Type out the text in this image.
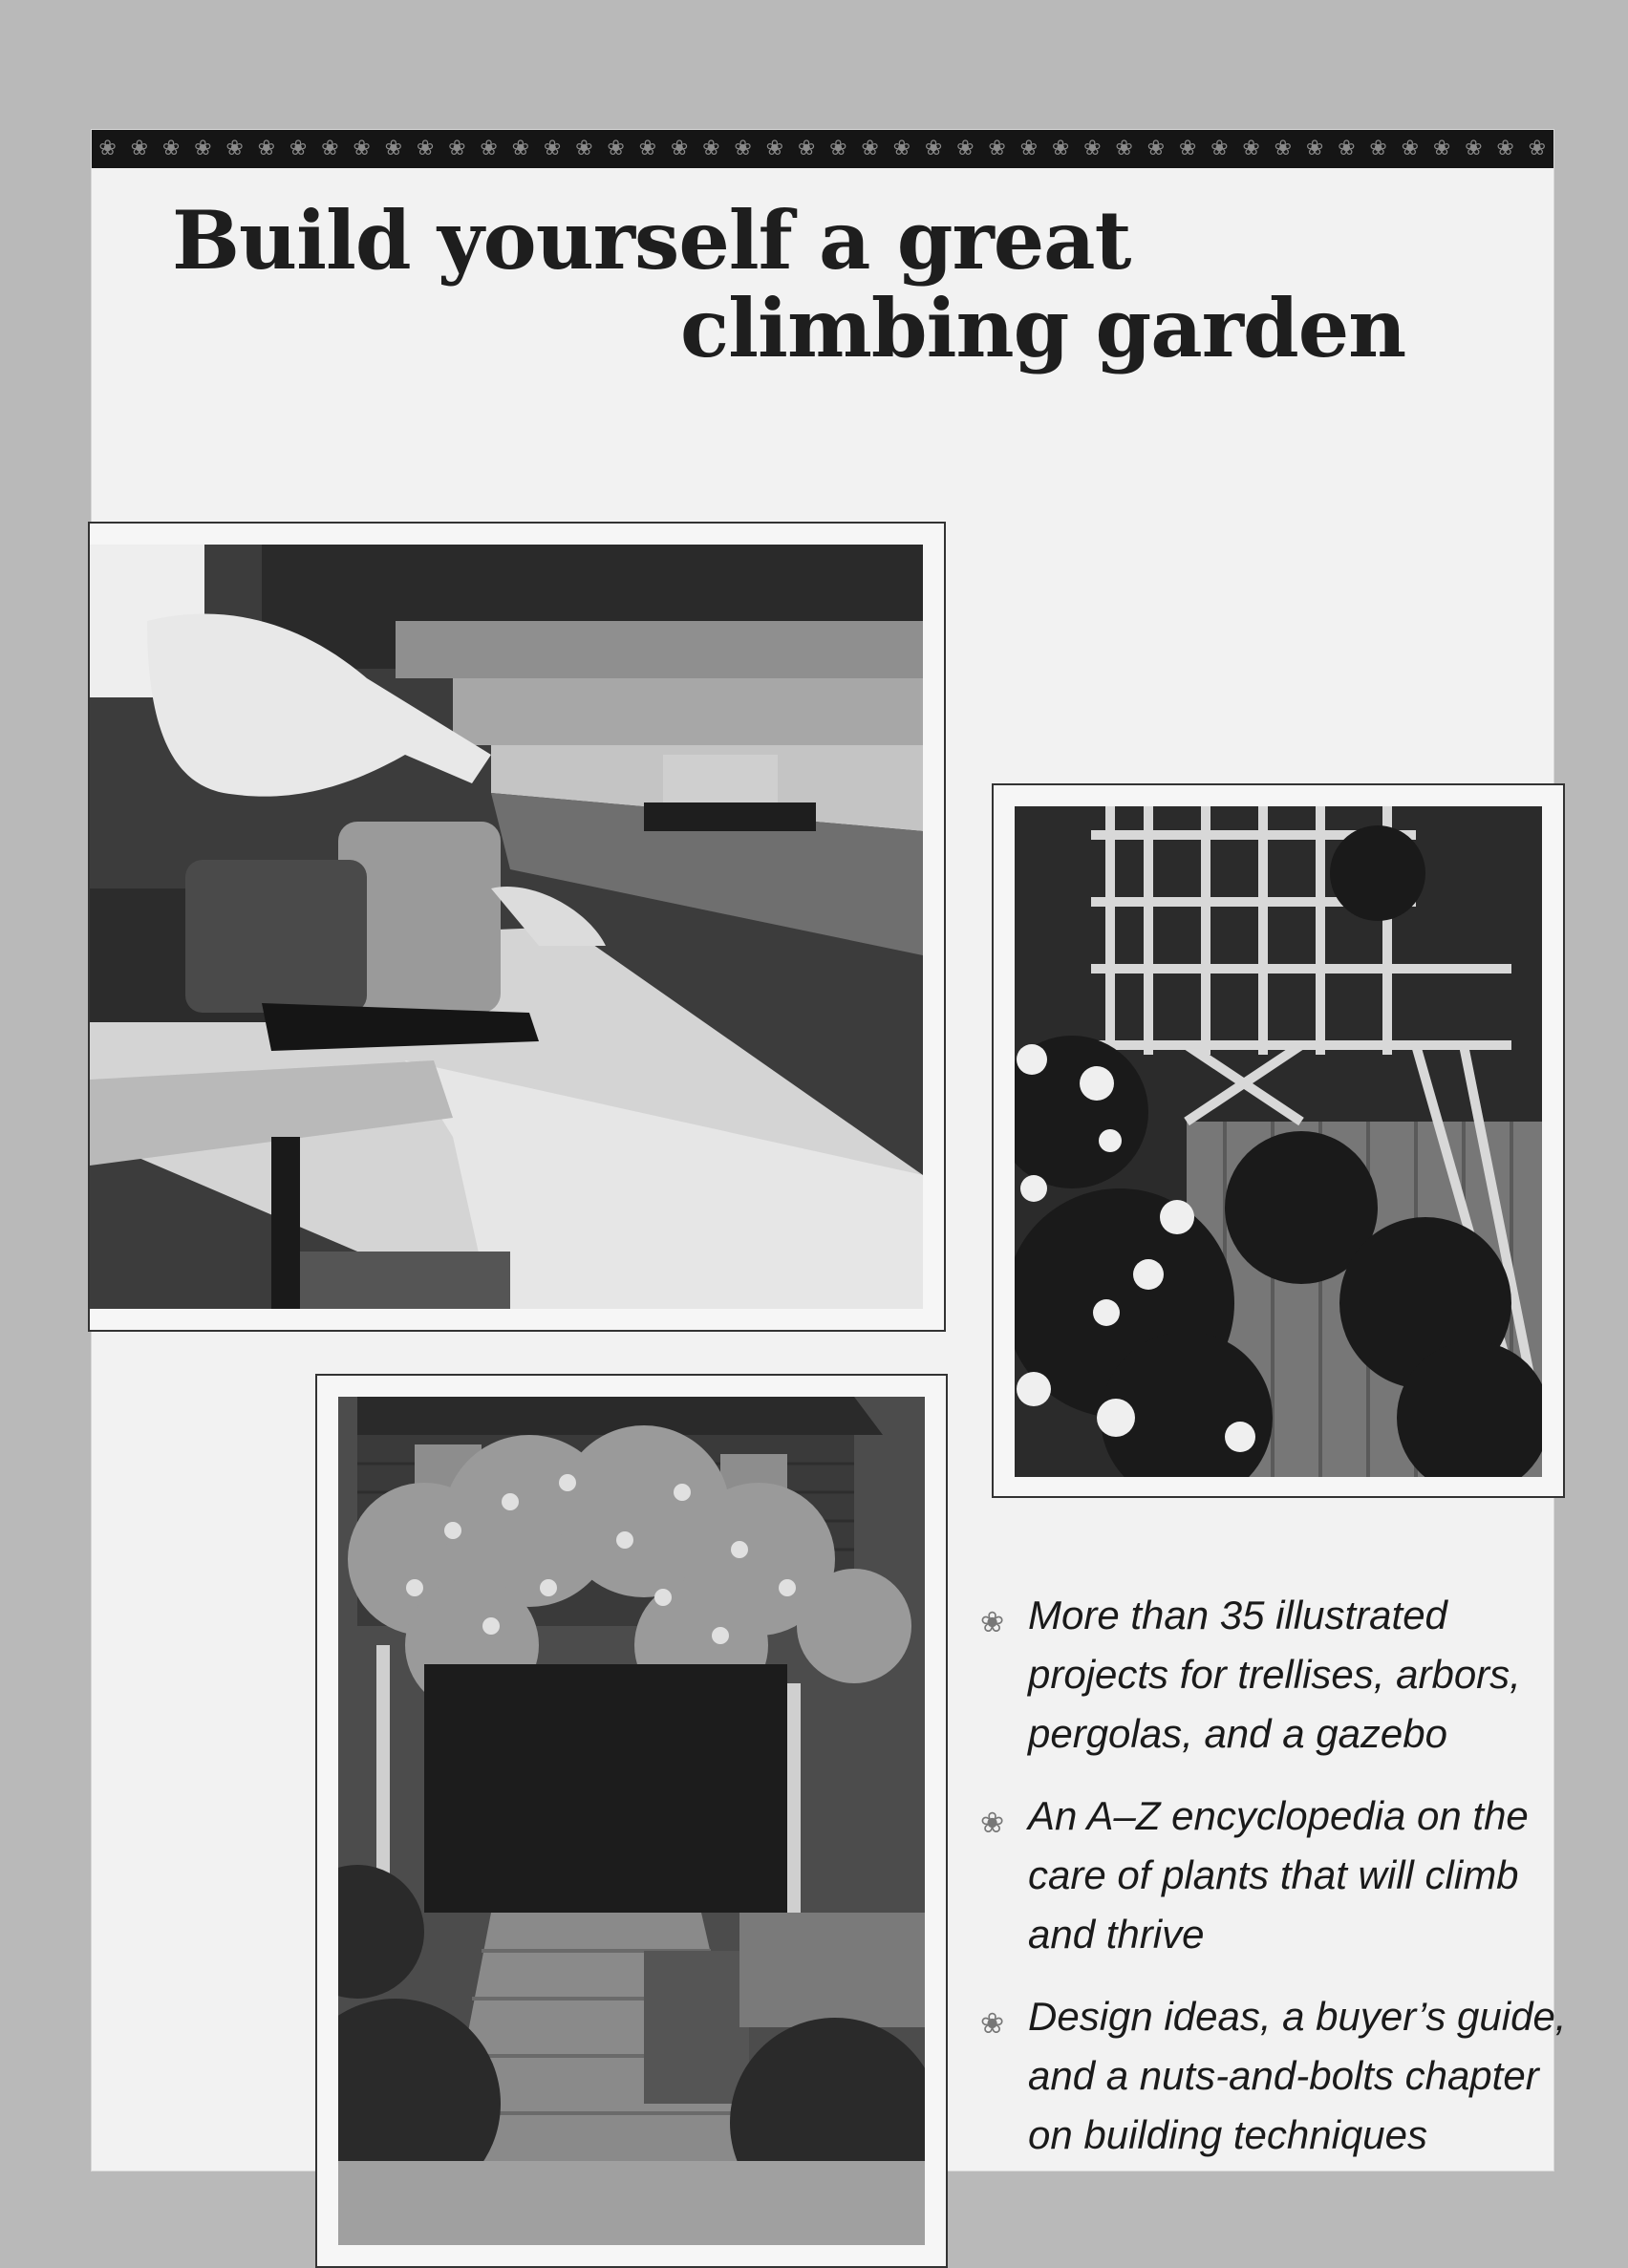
❀ ❀ ❀ ❀ ❀ ❀ ❀ ❀ ❀ ❀ ❀ ❀ ❀ ❀ ❀ ❀ ❀ ❀ ❀ ❀ ❀ ❀ ❀ ❀ ❀ ❀ ❀ ❀ ❀ ❀ ❀ ❀ ❀ ❀ ❀ ❀ ❀ ❀ ❀ ❀ ❀ ❀ ❀ ❀ ❀ ❀
Build yourself a great
climbing garden
❀ More than 35 illustrated
projects for trellises, arbors,
pergolas, and a gazebo
❀ An A–Z encyclopedia on the
care of plants that will climb
and thrive
❀ Design ideas, a buyer’s guide,
and a nuts-and-bolts chapter
on building techniques
